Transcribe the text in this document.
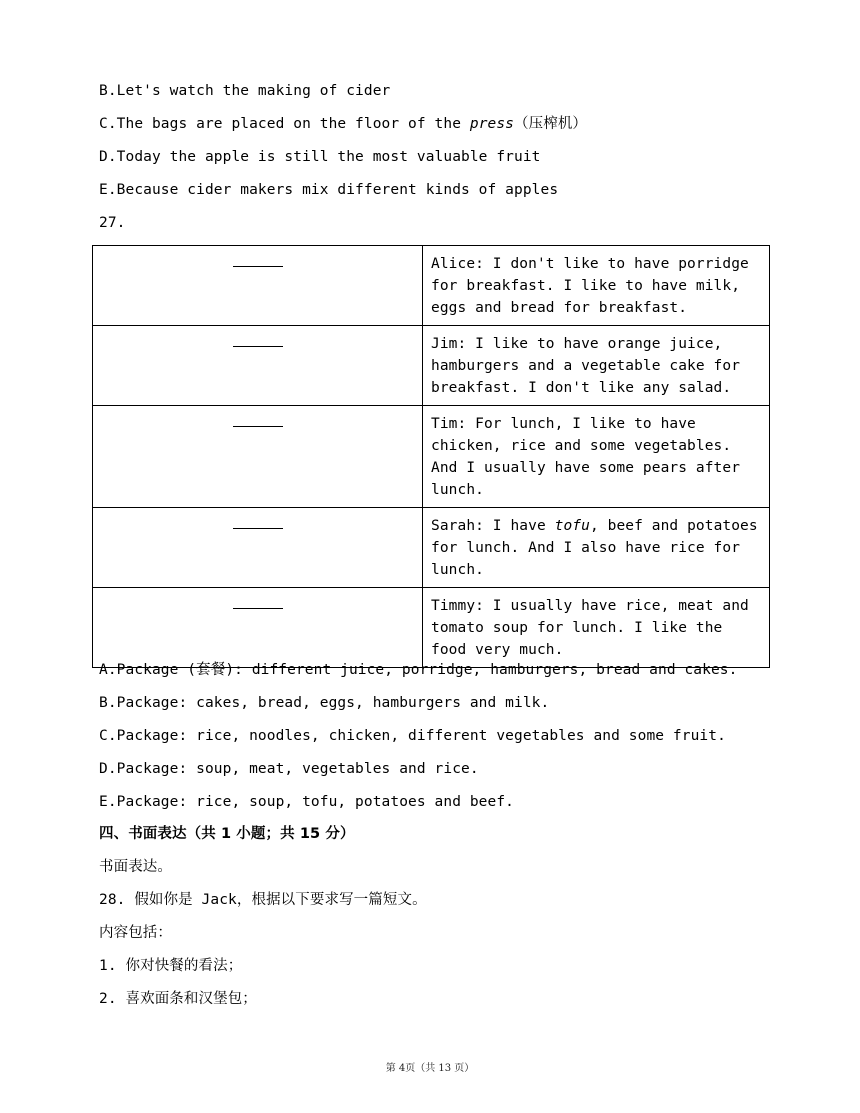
B.Let's watch the making of cider
C.The bags are placed on the floor of the press（压榨机）
D.Today the apple is still the most valuable fruit
E.Because cider makers mix different kinds of apples
27.
	Alice: I don't like to have porridge for breakfast. I like to have milk, eggs and bread for breakfast.
	Jim: I like to have orange juice, hamburgers and a vegetable cake for breakfast. I don't like any salad.
	Tim: For lunch, I like to have chicken, rice and some vegetables. And I usually have some pears after lunch.
	Sarah: I have tofu, beef and potatoes for lunch. And I also have rice for lunch.
	Timmy: I usually have rice, meat and tomato soup for lunch. I like the food very much.
A.Package (套餐): different juice, porridge, hamburgers, bread and cakes.
B.Package: cakes, bread, eggs, hamburgers and milk.
C.Package: rice, noodles, chicken, different vegetables and some fruit.
D.Package: soup, meat, vegetables and rice.
E.Package: rice, soup, tofu, potatoes and beef.
四、书面表达（共 1 小题；共 15 分）
书面表达。
28. 假如你是 Jack，根据以下要求写一篇短文。
内容包括：
1. 你对快餐的看法；
2. 喜欢面条和汉堡包；
第 4页（共 13 页）
